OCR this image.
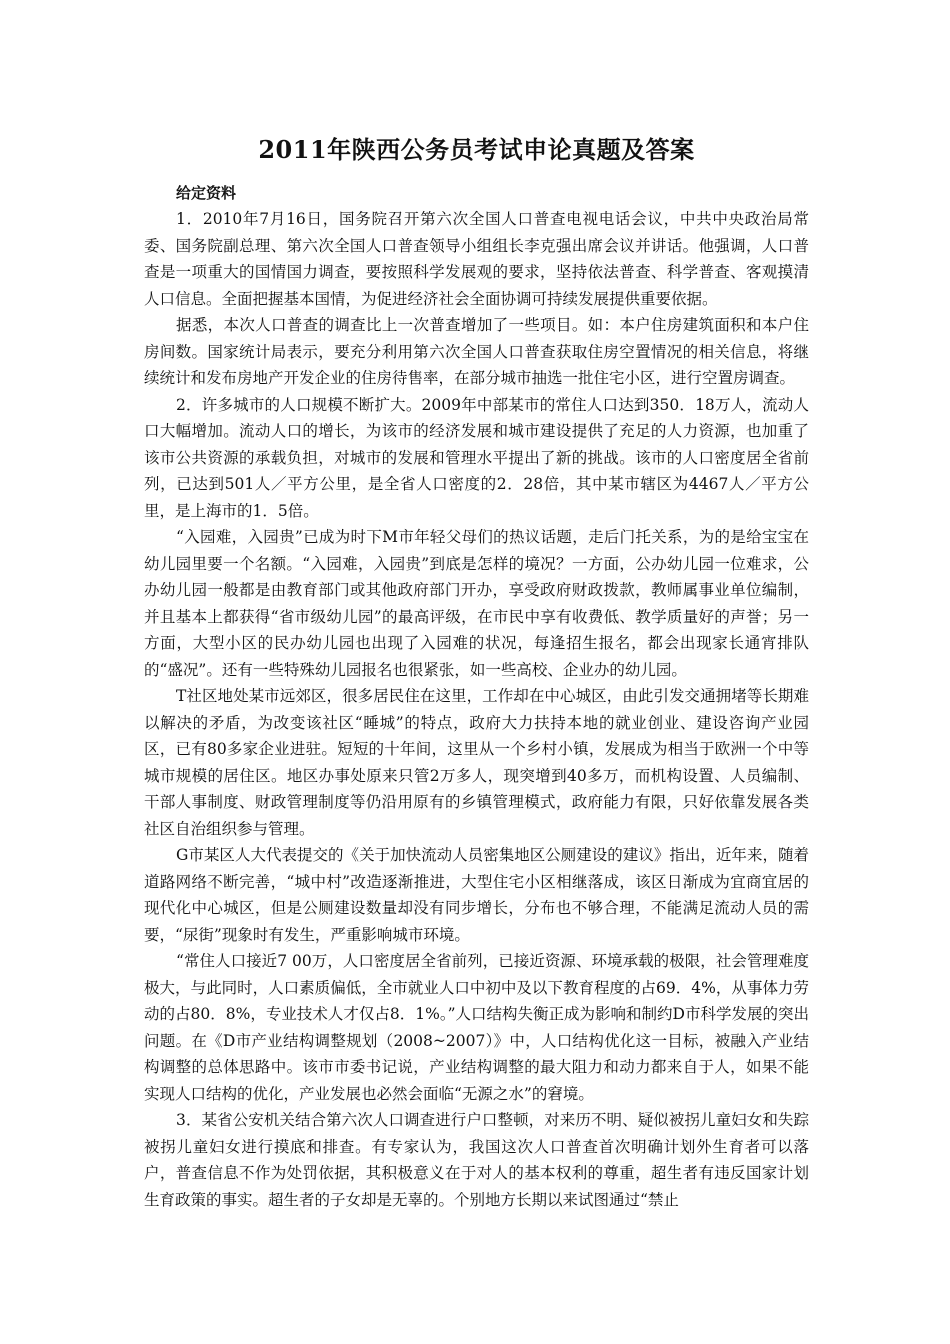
2011年陕西公务员考试申论真题及答案

给定资料

1．2010年7月16日，国务院召开第六次全国人口普查电视电话会议，中共中央政治局常委、国务院副总理、第六次全国人口普查领导小组组长李克强出席会议并讲话。他强调，人口普查是一项重大的国情国力调查，要按照科学发展观的要求，坚持依法普查、科学普查、客观摸清人口信息。全面把握基本国情，为促进经济社会全面协调可持续发展提供重要依据。

据悉，本次人口普查的调查比上一次普查增加了一些项目。如：本户住房建筑面积和本户住房间数。国家统计局表示，要充分利用第六次全国人口普查获取住房空置情况的相关信息，将继续统计和发布房地产开发企业的住房待售率，在部分城市抽选一批住宅小区，进行空置房调查。

2．许多城市的人口规模不断扩大。2009年中部某市的常住人口达到350．18万人，流动人口大幅增加。流动人口的增长，为该市的经济发展和城市建设提供了充足的人力资源，也加重了该市公共资源的承载负担，对城市的发展和管理水平提出了新的挑战。该市的人口密度居全省前列，已达到501人／平方公里，是全省人口密度的2．28倍，其中某市辖区为4467人／平方公里，是上海市的1．5倍。

“入园难，入园贵”已成为时下M市年轻父母们的热议话题，走后门托关系，为的是给宝宝在幼儿园里要一个名额。“入园难，入园贵”到底是怎样的境况？一方面，公办幼儿园一位难求，公办幼儿园一般都是由教育部门或其他政府部门开办，享受政府财政拨款，教师属事业单位编制，并且基本上都获得“省市级幼儿园”的最高评级，在市民中享有收费低、教学质量好的声誉；另一方面，大型小区的民办幼儿园也出现了入园难的状况，每逢招生报名，都会出现家长通宵排队的“盛况”。还有一些特殊幼儿园报名也很紧张，如一些高校、企业办的幼儿园。

T社区地处某市远郊区，很多居民住在这里，工作却在中心城区，由此引发交通拥堵等长期难以解决的矛盾，为改变该社区“睡城”的特点，政府大力扶持本地的就业创业、建设咨询产业园区，已有80多家企业进驻。短短的十年间，这里从一个乡村小镇，发展成为相当于欧洲一个中等城市规模的居住区。地区办事处原来只管2万多人，现突增到40多万，而机构设置、人员编制、干部人事制度、财政管理制度等仍沿用原有的乡镇管理模式，政府能力有限，只好依靠发展各类社区自治组织参与管理。

G市某区人大代表提交的《关于加快流动人员密集地区公厕建设的建议》指出，近年来，随着道路网络不断完善，“城中村”改造逐渐推进，大型住宅小区相继落成，该区日渐成为宜商宜居的现代化中心城区，但是公厕建设数量却没有同步增长，分布也不够合理，不能满足流动人员的需要，“尿街”现象时有发生，严重影响城市环境。

“常住人口接近7 00万，人口密度居全省前列，已接近资源、环境承载的极限，社会管理难度极大，与此同时，人口素质偏低，全市就业人口中初中及以下教育程度的占69．4%，从事体力劳动的占80．8%，专业技术人才仅占8．1%。”人口结构失衡正成为影响和制约D市科学发展的突出问题。在《D市产业结构调整规划（2008~2007）》中，人口结构优化这一目标，被融入产业结构调整的总体思路中。该市市委书记说，产业结构调整的最大阻力和动力都来自于人，如果不能实现人口结构的优化，产业发展也必然会面临“无源之水”的窘境。

3．某省公安机关结合第六次人口调查进行户口整顿，对来历不明、疑似被拐儿童妇女和失踪被拐儿童妇女进行摸底和排查。有专家认为，我国这次人口普查首次明确计划外生育者可以落户，普查信息不作为处罚依据，其积极意义在于对人的基本权利的尊重，超生者有违反国家计划生育政策的事实。超生者的子女却是无辜的。个别地方长期以来试图通过“禁止
